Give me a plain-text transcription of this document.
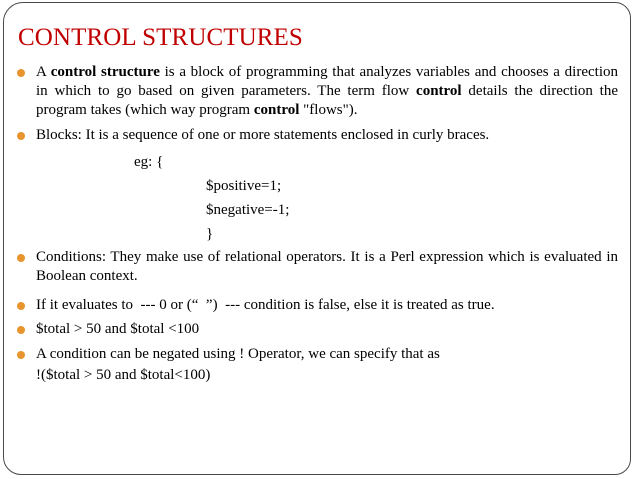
CONTROL STRUCTURES
A control structure is a block of programming that analyzes variables and chooses a direction in which to go based on given parameters. The term flow control details the direction the program takes (which way program control "flows").
Blocks: It is a sequence of one or more statements enclosed in curly braces.
eg: {
$positive=1;
$negative=-1;
}
Conditions: They make use of relational operators. It is a Perl expression which is evaluated in Boolean context.
If it evaluates to  --- 0 or (“  ”)  --- condition is false, else it is treated as true.
$total > 50 and $total <100
A condition can be negated using ! Operator, we can specify that as
!($total > 50 and $total<100)
